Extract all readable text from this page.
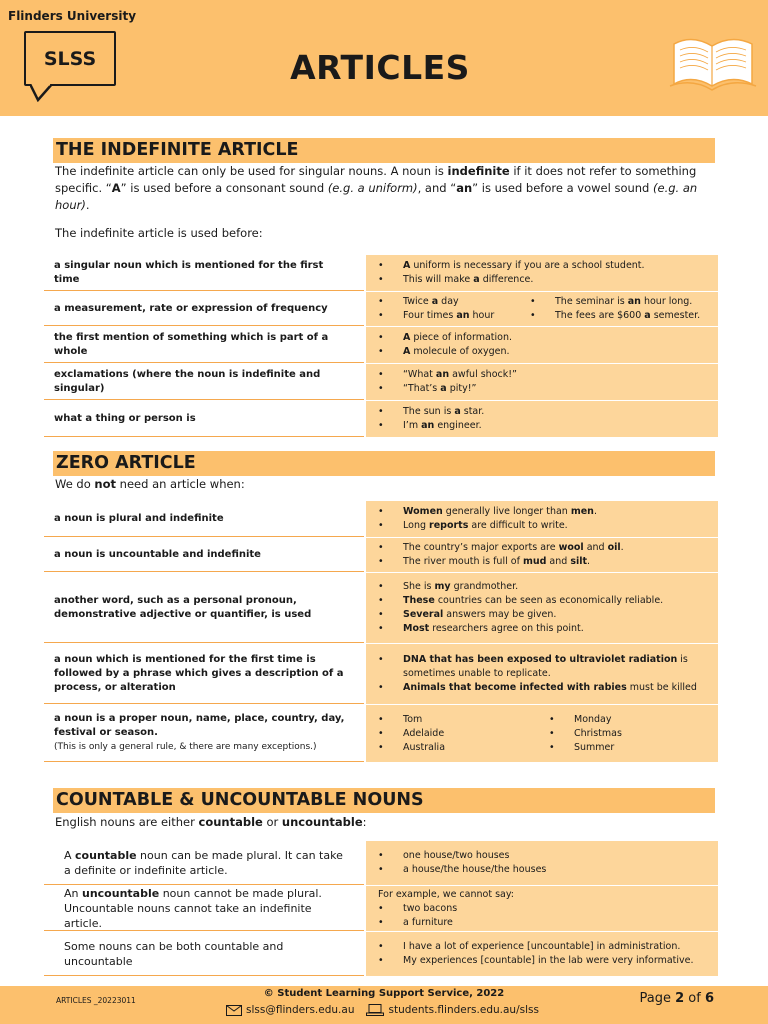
Flinders University
SLSS	ARTICLES
THE INDEFINITE ARTICLE
The indefinite article can only be used for singular nouns. A noun is indefinite if it does not refer to something specific. “A” is used before a consonant sound (e.g. a uniform), and “an” is used before a vowel sound (e.g. an hour).
The indefinite article is used before:
a singular noun which is mentioned for the first time
• A uniform is necessary if you are a school student.
• This will make a difference.
a measurement, rate or expression of frequency
• Twice a day
• Four times an hour
• The seminar is an hour long.
• The fees are $600 a semester.
the first mention of something which is part of a whole
• A piece of information.
• A molecule of oxygen.
exclamations (where the noun is indefinite and singular)
• “What an awful shock!”
• “That’s a pity!”
what a thing or person is
• The sun is a star.
• I’m an engineer.
ZERO ARTICLE
We do not need an article when:
a noun is plural and indefinite
• Women generally live longer than men.
• Long reports are difficult to write.
a noun is uncountable and indefinite
• The country’s major exports are wool and oil.
• The river mouth is full of mud and silt.
another word, such as a personal pronoun, demonstrative adjective or quantifier, is used
• She is my grandmother.
• These countries can be seen as economically reliable.
• Several answers may be given.
• Most researchers agree on this point.
a noun which is mentioned for the first time is followed by a phrase which gives a description of a process, or alteration
• DNA that has been exposed to ultraviolet radiation is sometimes unable to replicate.
• Animals that become infected with rabies must be killed
a noun is a proper noun, name, place, country, day, festival or season.
(This is only a general rule, & there are many exceptions.)
• Tom
• Adelaide
• Australia
• Monday
• Christmas
• Summer
COUNTABLE & UNCOUNTABLE NOUNS
English nouns are either countable or uncountable:
A countable noun can be made plural. It can take a definite or indefinite article.
• one house/two houses
• a house/the house/the houses
An uncountable noun cannot be made plural. Uncountable nouns cannot take an indefinite article.
For example, we cannot say:
• two bacons
• a furniture
Some nouns can be both countable and uncountable
• I have a lot of experience [uncountable] in administration.
• My experiences [countable] in the lab were very informative.
ARTICLES _20223011
© Student Learning Support Service, 2022
slss@flinders.edu.au	students.flinders.edu.au/slss
Page 2 of 6
